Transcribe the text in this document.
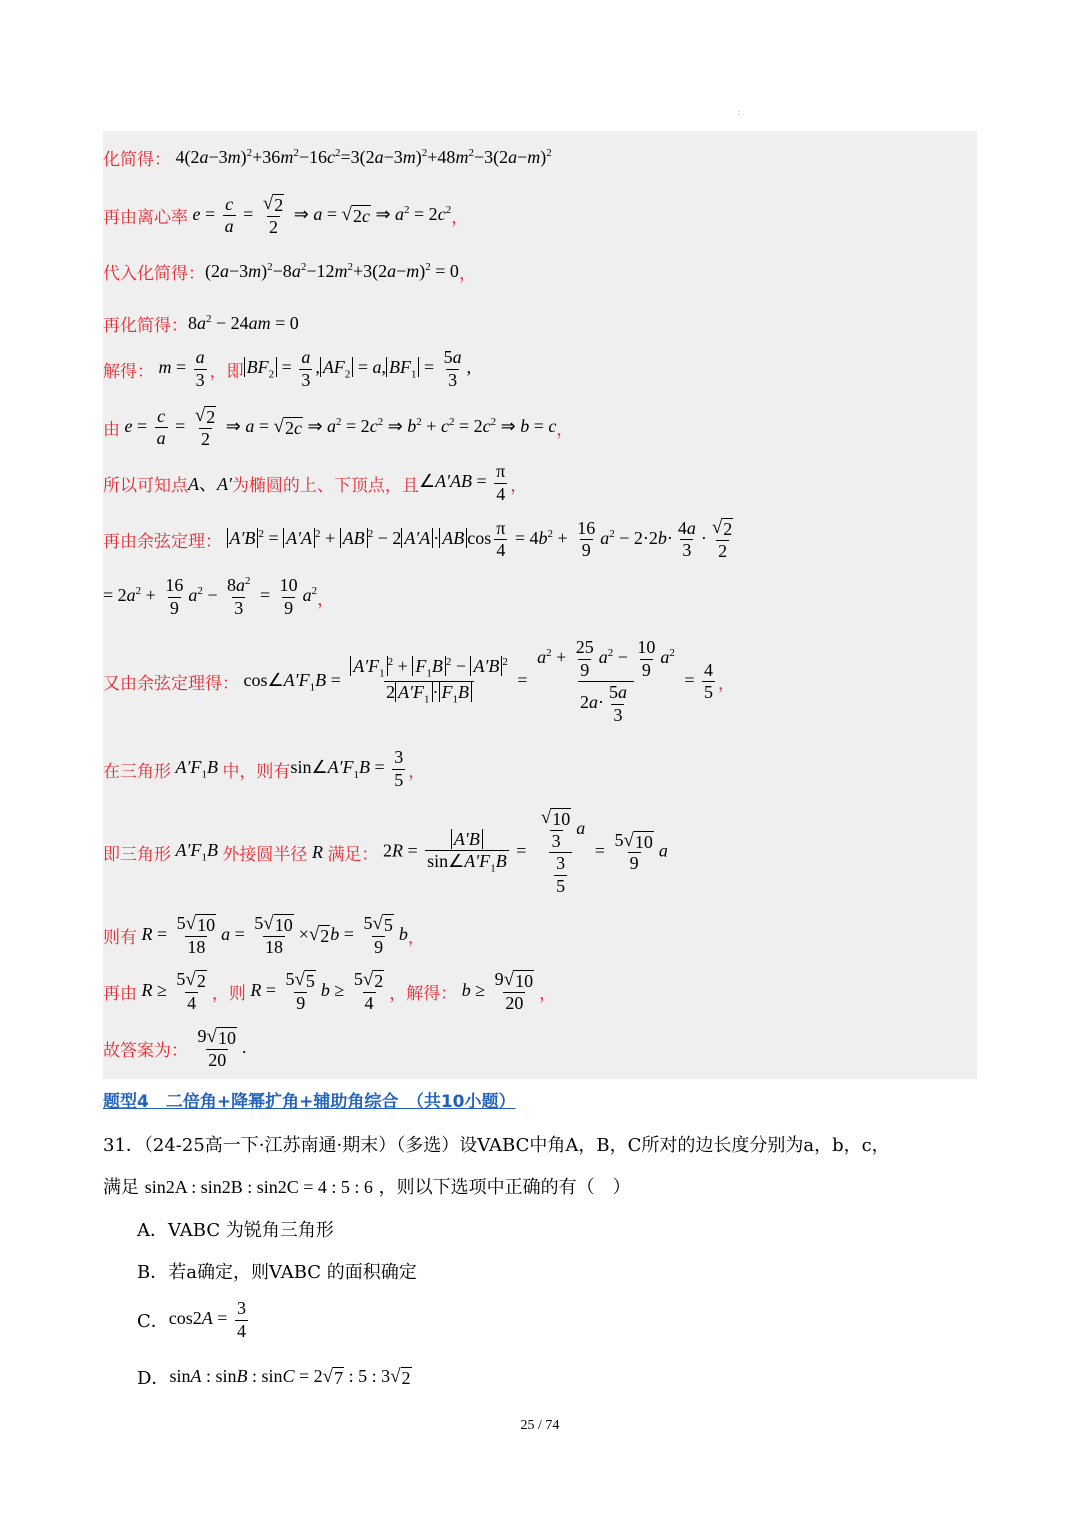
:
化简得： $4(2a-3m)^2+36m^2-16c^2=3(2a-3m)^2+48m^2-3(2a-m)^2$
再由离心率 $e = \frac{c}{a} = \frac{√ 2}{2}$ ⇒ a = √ 2c ⇒ $a^2 = 2c^2$ ，
代入化简得： $(2a-3m)^2-8a^2-12m^2+3(2a-m)^2 = 0$ ，
再化简得： $8a^2 - 24am = 0$
解得： $m = \frac{a}{3}$ ，即 $BF_2 = \frac{a}{3}$ , $AF_2 = a$, $BF_1 = \frac{5a}{3}$ ,
由 $e = \frac{c}{a} = \frac{√ 2}{2}$ ⇒ a = √ 2c ⇒ $a^2 = 2c^2$ ⇒ $b^2 + c^2 = 2c^2$ ⇒ b = c ，
所以可知点 A、A′ 为椭圆的上、下顶点，且 ∠A′AB = $\frac{\pi}{4}$ ，
再由余弦定理： A′B $^2$ = A′A $^2$ + AB $^2$ − 2 A′A · AB $\cos \frac{\pi}{4} = 4b^2 + \frac{16}{9} a^2 - 2\cdot 2b\cdot \frac{4a}{3} \cdot \frac{√ 2}{2}$
= $2a^2 + \frac{16}{9} a^2 - \frac{8a^2}{3} = \frac{10}{9} a^2$ ，
又由余弦定理得： $\cos\angle A'F_1B = \frac{A'F_1^2 + F_1B ^2 - A'B ^2}{2 A'F_1 \cdot F_1B} = \frac{a^2 + \frac{25}{9} a^2 - \frac{10}{9} a^2}{2a\cdot \frac{5a}{3}} = \frac{4}{5}$ ，
在三角形 $A'F_1B$ 中，则有 $\sin\angle A'F_1B = \frac{3}{5}$ ，
即三角形 $A'F_1B$ 外接圆半径 R 满足： $2R = \frac{A'B}{\sin\angle A'F_1B} = \frac{\frac{√ 10}{3} a}{\frac{3}{5}} = \frac{5 √ 10}{9}$ a
则有 $R = \frac{5 √ 10}{18}$ $a = \frac{5 √ 10}{18}$ × √ 2 $b = \frac{5 √ 5}{9}$ b ，
再由 $R \ge \frac{5 √ 2}{4}$ ，则 $R = \frac{5 √ 5}{9}$ $b \ge \frac{5 √ 2}{4}$ ，解得： $b \ge \frac{9 √ 10}{20}$ ，
故答案为：
$\frac{9 √ 10}{20}$ .
题型4　二倍角+降幂扩角+辅助角综合　（共10小题）
31．（24-25高一下·江苏南通·期末）（多选）设VABC中角A，B，C所对的边长度分别为a，b，c，
满足 sin2A : sin2B : sin2C = 4 : 5 : 6 ，则以下选项中正确的有（　）
A．VABC 为锐角三角形
B．若a确定，则VABC 的面积确定
C． $\cos 2A = \frac{3}{4}$
D． sinA : sinB : sinC = 2 √ 7 : 5 : 3 √ 2
25 / 74
